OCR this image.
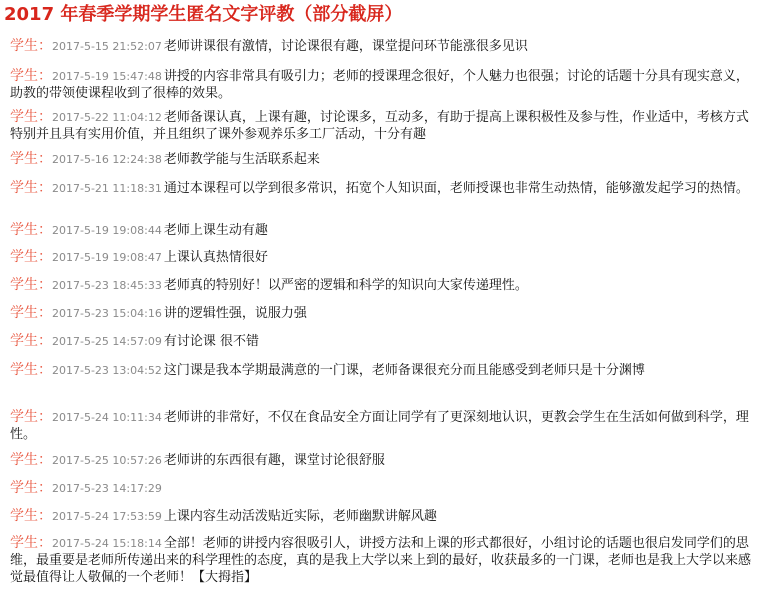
2017 年春季学期学生匿名文字评教（部分截屏）
学生：2017-5-15 21:52:07 老师讲课很有激情，讨论课很有趣，课堂提问环节能涨很多见识
学生：2017-5-19 15:47:48 讲授的内容非常具有吸引力；老师的授课理念很好，个人魅力也很强；讨论的话题十分具有现实意义，助教的带领使课程收到了很棒的效果。
学生：2017-5-22 11:04:12 老师备课认真，上课有趣，讨论课多，互动多，有助于提高上课积极性及参与性，作业适中，考核方式特别并且具有实用价值，并且组织了课外参观养乐多工厂活动，十分有趣
学生：2017-5-16 12:24:38 老师教学能与生活联系起来
学生：2017-5-21 11:18:31 通过本课程可以学到很多常识，拓宽个人知识面，老师授课也非常生动热情，能够激发起学习的热情。
学生：2017-5-19 19:08:44 老师上课生动有趣
学生：2017-5-19 19:08:47 上课认真热情很好
学生：2017-5-23 18:45:33 老师真的特别好！以严密的逻辑和科学的知识向大家传递理性。
学生：2017-5-23 15:04:16 讲的逻辑性强，说服力强
学生：2017-5-25 14:57:09 有讨论课 很不错
学生：2017-5-23 13:04:52 这门课是我本学期最满意的一门课，老师备课很充分而且能感受到老师只是十分渊博
学生：2017-5-24 10:11:34 老师讲的非常好，不仅在食品安全方面让同学有了更深刻地认识，更教会学生在生活如何做到科学，理性。
学生：2017-5-25 10:57:26 老师讲的东西很有趣，课堂讨论很舒服
学生：2017-5-23 14:17:29
学生：2017-5-24 17:53:59 上课内容生动活泼贴近实际，老师幽默讲解风趣
学生：2017-5-24 15:18:14 全部！老师的讲授内容很吸引人，讲授方法和上课的形式都很好，小组讨论的话题也很启发同学们的思维，最重要是老师所传递出来的科学理性的态度，真的是我上大学以来上到的最好，收获最多的一门课，老师也是我上大学以来感觉最值得让人敬佩的一个老师！【大拇指】
